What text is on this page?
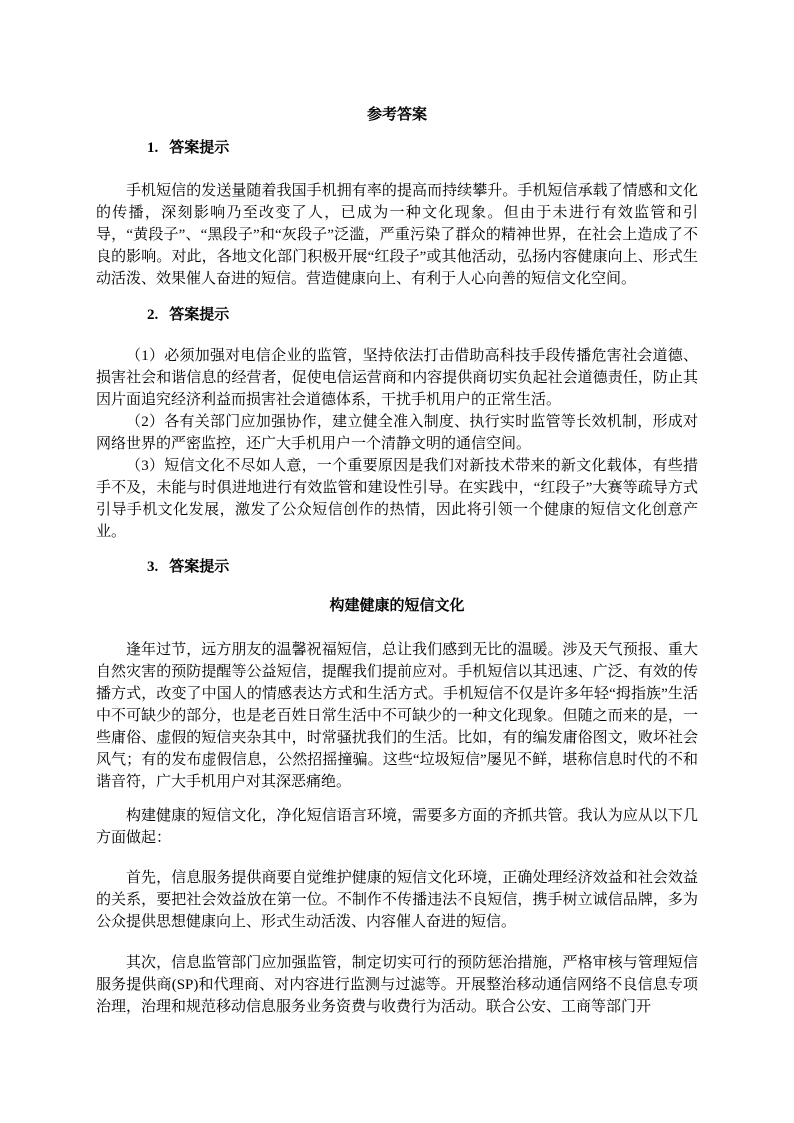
参考答案
1. 答案提示

手机短信的发送量随着我国手机拥有率的提高而持续攀升。手机短信承载了情感和文化的传播，深刻影响乃至改变了人，已成为一种文化现象。但由于未进行有效监管和引导，“黄段子”、“黑段子”和“灰段子”泛滥，严重污染了群众的精神世界，在社会上造成了不良的影响。对此，各地文化部门积极开展“红段子”或其他活动，弘扬内容健康向上、形式生动活泼、效果催人奋进的短信。营造健康向上、有利于人心向善的短信文化空间。

2. 答案提示

（1）必须加强对电信企业的监管，坚持依法打击借助高科技手段传播危害社会道德、损害社会和谐信息的经营者，促使电信运营商和内容提供商切实负起社会道德责任，防止其因片面追究经济利益而损害社会道德体系，干扰手机用户的正常生活。

（2）各有关部门应加强协作，建立健全准入制度、执行实时监管等长效机制，形成对网络世界的严密监控，还广大手机用户一个清静文明的通信空间。

（3）短信文化不尽如人意，一个重要原因是我们对新技术带来的新文化载体，有些措手不及，未能与时俱进地进行有效监管和建设性引导。在实践中，“红段子”大赛等疏导方式引导手机文化发展，激发了公众短信创作的热情，因此将引领一个健康的短信文化创意产业。

3. 答案提示
构建健康的短信文化

逢年过节，远方朋友的温馨祝福短信，总让我们感到无比的温暖。涉及天气预报、重大自然灾害的预防提醒等公益短信，提醒我们提前应对。手机短信以其迅速、广泛、有效的传播方式，改变了中国人的情感表达方式和生活方式。手机短信不仅是许多年轻“拇指族”生活中不可缺少的部分，也是老百姓日常生活中不可缺少的一种文化现象。但随之而来的是，一些庸俗、虚假的短信夹杂其中，时常骚扰我们的生活。比如，有的编发庸俗图文，败坏社会风气；有的发布虚假信息，公然招摇撞骗。这些“垃圾短信”屡见不鲜，堪称信息时代的不和谐音符，广大手机用户对其深恶痛绝。

构建健康的短信文化，净化短信语言环境，需要多方面的齐抓共管。我认为应从以下几方面做起：

首先，信息服务提供商要自觉维护健康的短信文化环境，正确处理经济效益和社会效益的关系，要把社会效益放在第一位。不制作不传播违法不良短信，携手树立诚信品牌，多为公众提供思想健康向上、形式生动活泼、内容催人奋进的短信。

其次，信息监管部门应加强监管，制定切实可行的预防惩治措施，严格审核与管理短信服务提供商(SP)和代理商、对内容进行监测与过滤等。开展整治移动通信网络不良信息专项治理，治理和规范移动信息服务业务资费与收费行为活动。联合公安、工商等部门开
